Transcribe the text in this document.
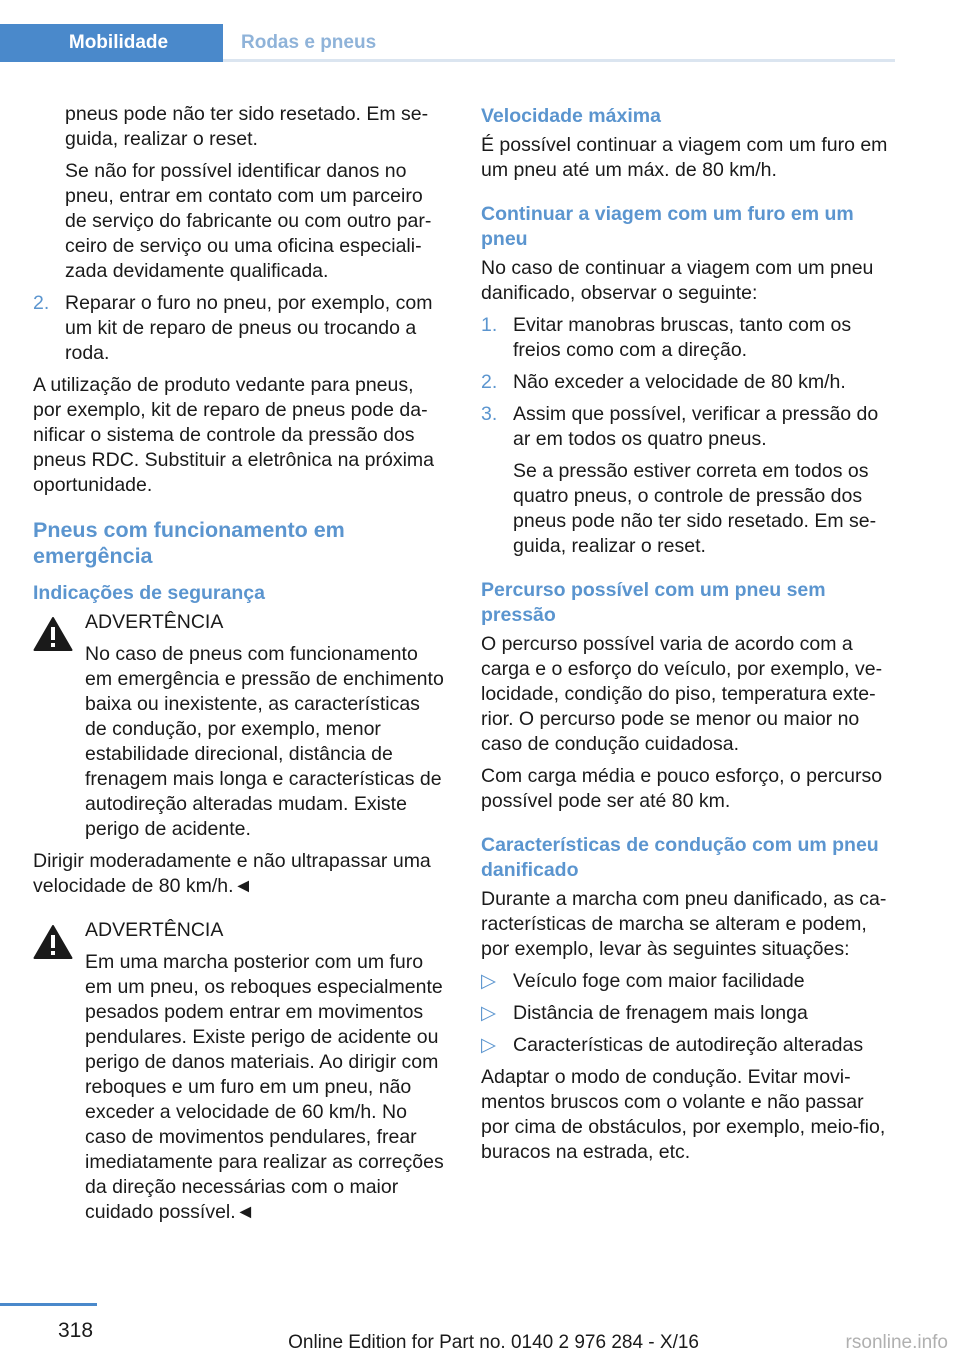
Mobilidade	Rodas e pneus

pneus pode não ter sido resetado. Em seguida, realizar o reset.

Se não for possível identificar danos no pneu, entrar em contato com um parceiro de serviço do fabricante ou com outro parceiro de serviço ou uma oficina especializada devidamente qualificada.

2. Reparar o furo no pneu, por exemplo, com um kit de reparo de pneus ou trocando a roda.

A utilização de produto vedante para pneus, por exemplo, kit de reparo de pneus pode danificar o sistema de controle da pressão dos pneus RDC. Substituir a eletrônica na próxima oportunidade.

Pneus com funcionamento em emergência
Indicações de segurança

ADVERTÊNCIA

No caso de pneus com funcionamento em emergência e pressão de enchimento baixa ou inexistente, as características de condução, por exemplo, menor estabilidade direcional, distância de frenagem mais longa e características de autodireção alteradas mudam. Existe perigo de acidente.

Dirigir moderadamente e não ultrapassar uma velocidade de 80 km/h.◄

ADVERTÊNCIA

Em uma marcha posterior com um furo em um pneu, os reboques especialmente pesados podem entrar em movimentos pendulares. Existe perigo de acidente ou perigo de danos materiais. Ao dirigir com reboques e um furo em um pneu, não exceder a velocidade de 60 km/h. No caso de movimentos pendulares, frear imediatamente para realizar as correções da direção necessárias com o maior cuidado possível.◄

Velocidade máxima

É possível continuar a viagem com um furo em um pneu até um máx. de 80 km/h.

Continuar a viagem com um furo em um pneu

No caso de continuar a viagem com um pneu danificado, observar o seguinte:

1. Evitar manobras bruscas, tanto com os freios como com a direção.
2. Não exceder a velocidade de 80 km/h.
3. Assim que possível, verificar a pressão do ar em todos os quatro pneus.

Se a pressão estiver correta em todos os quatro pneus, o controle de pressão dos pneus pode não ter sido resetado. Em seguida, realizar o reset.

Percurso possível com um pneu sem pressão

O percurso possível varia de acordo com a carga e o esforço do veículo, por exemplo, velocidade, condição do piso, temperatura exterior. O percurso pode se menor ou maior no caso de condução cuidadosa.

Com carga média e pouco esforço, o percurso possível pode ser até 80 km.

Características de condução com um pneu danificado

Durante a marcha com pneu danificado, as características de marcha se alteram e podem, por exemplo, levar às seguintes situações:

▷ Veículo foge com maior facilidade
▷ Distância de frenagem mais longa
▷ Características de autodireção alteradas

Adaptar o modo de condução. Evitar movimentos bruscos com o volante e não passar por cima de obstáculos, por exemplo, meio-fio, buracos na estrada, etc.

318
Online Edition for Part no. 0140 2 976 284 - X/16	rsonline.info
